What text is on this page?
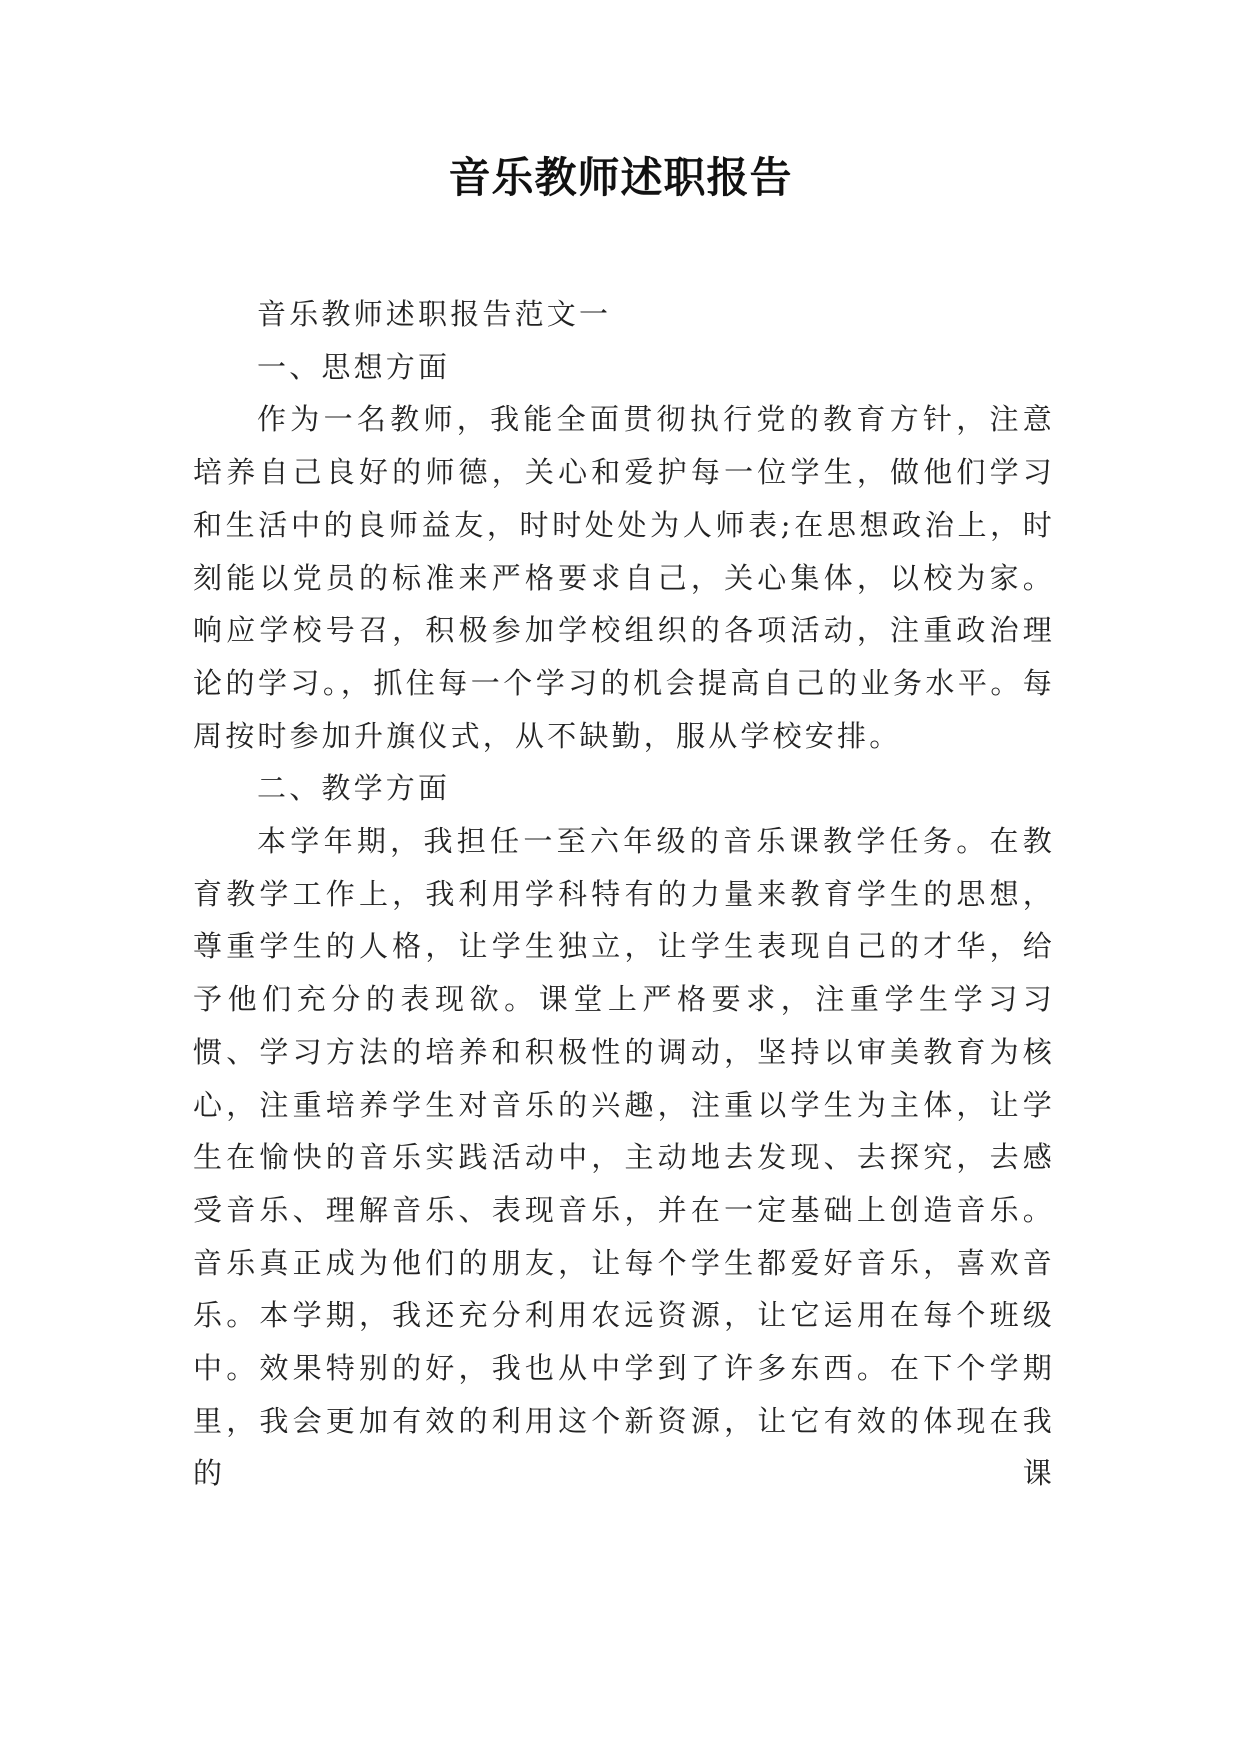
音乐教师述职报告

音乐教师述职报告范文一

一、思想方面

作为一名教师，我能全面贯彻执行党的教育方针，注意培养自己良好的师德，关心和爱护每一位学生，做他们学习和生活中的良师益友，时时处处为人师表;在思想政治上，时刻能以党员的标准来严格要求自己，关心集体，以校为家。响应学校号召，积极参加学校组织的各项活动，注重政治理论的学习。，抓住每一个学习的机会提高自己的业务水平。每周按时参加升旗仪式，从不缺勤，服从学校安排。

二、教学方面

本学年期，我担任一至六年级的音乐课教学任务。在教育教学工作上，我利用学科特有的力量来教育学生的思想，尊重学生的人格，让学生独立，让学生表现自己的才华，给予他们充分的表现欲。课堂上严格要求，注重学生学习习惯、学习方法的培养和积极性的调动，坚持以审美教育为核心，注重培养学生对音乐的兴趣，注重以学生为主体，让学生在愉快的音乐实践活动中，主动地去发现、去探究，去感受音乐、理解音乐、表现音乐，并在一定基础上创造音乐。音乐真正成为他们的朋友，让每个学生都爱好音乐，喜欢音乐。本学期，我还充分利用农远资源，让它运用在每个班级中。效果特别的好，我也从中学到了许多东西。在下个学期里，我会更加有效的利用这个新资源，让它有效的体现在我的课
